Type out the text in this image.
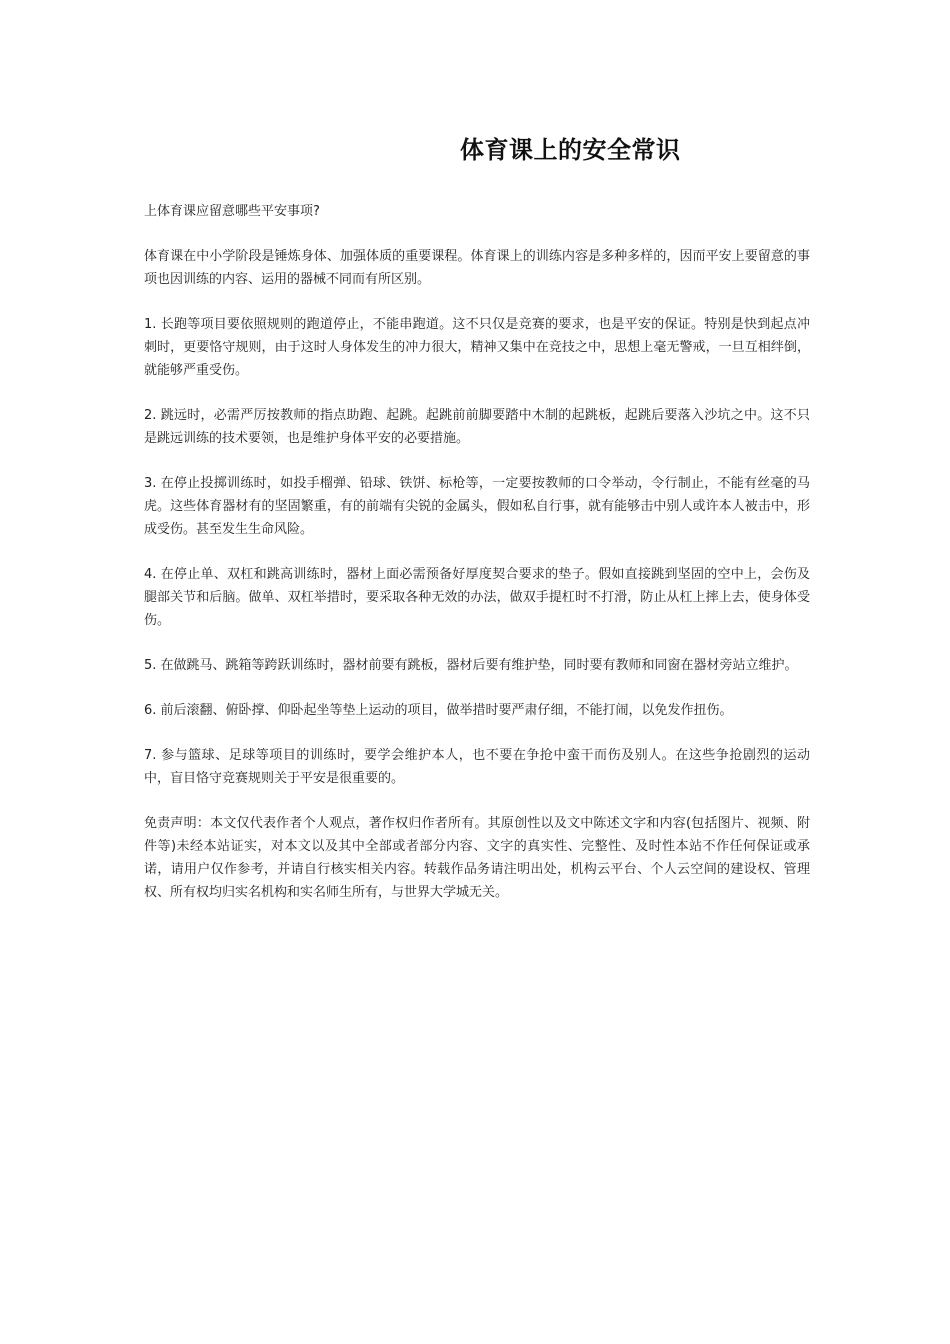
体育课上的安全常识

上体育课应留意哪些平安事项?

体育课在中小学阶段是锤炼身体、加强体质的重要课程。体育课上的训练内容是多种多样的，因而平安上要留意的事项也因训练的内容、运用的器械不同而有所区别。

1. 长跑等项目要依照规则的跑道停止，不能串跑道。这不只仅是竞赛的要求，也是平安的保证。特别是快到起点冲刺时，更要恪守规则，由于这时人身体发生的冲力很大，精神又集中在竞技之中，思想上毫无警戒，一旦互相绊倒，就能够严重受伤。

2. 跳远时，必需严厉按教师的指点助跑、起跳。起跳前前脚要踏中木制的起跳板，起跳后要落入沙坑之中。这不只是跳远训练的技术要领，也是维护身体平安的必要措施。

3. 在停止投掷训练时，如投手榴弹、铅球、铁饼、标枪等，一定要按教师的口令举动，令行制止，不能有丝毫的马虎。这些体育器材有的坚固繁重，有的前端有尖锐的金属头，假如私自行事，就有能够击中别人或许本人被击中，形成受伤。甚至发生生命风险。

4. 在停止单、双杠和跳高训练时，器材上面必需预备好厚度契合要求的垫子。假如直接跳到坚固的空中上，会伤及腿部关节和后脑。做单、双杠举措时，要采取各种无效的办法，做双手提杠时不打滑，防止从杠上摔上去，使身体受伤。

5. 在做跳马、跳箱等跨跃训练时，器材前要有跳板，器材后要有维护垫，同时要有教师和同窗在器材旁站立维护。

6. 前后滚翻、俯卧撑、仰卧起坐等垫上运动的项目，做举措时要严肃仔细，不能打闹，以免发作扭伤。

7. 参与篮球、足球等项目的训练时，要学会维护本人，也不要在争抢中蛮干而伤及别人。在这些争抢剧烈的运动中，盲目恪守竞赛规则关于平安是很重要的。

免责声明：本文仅代表作者个人观点，著作权归作者所有。其原创性以及文中陈述文字和内容(包括图片、视频、附件等)未经本站证实，对本文以及其中全部或者部分内容、文字的真实性、完整性、及时性本站不作任何保证或承诺，请用户仅作参考，并请自行核实相关内容。转载作品务请注明出处，机构云平台、个人云空间的建设权、管理权、所有权均归实名机构和实名师生所有，与世界大学城无关。
